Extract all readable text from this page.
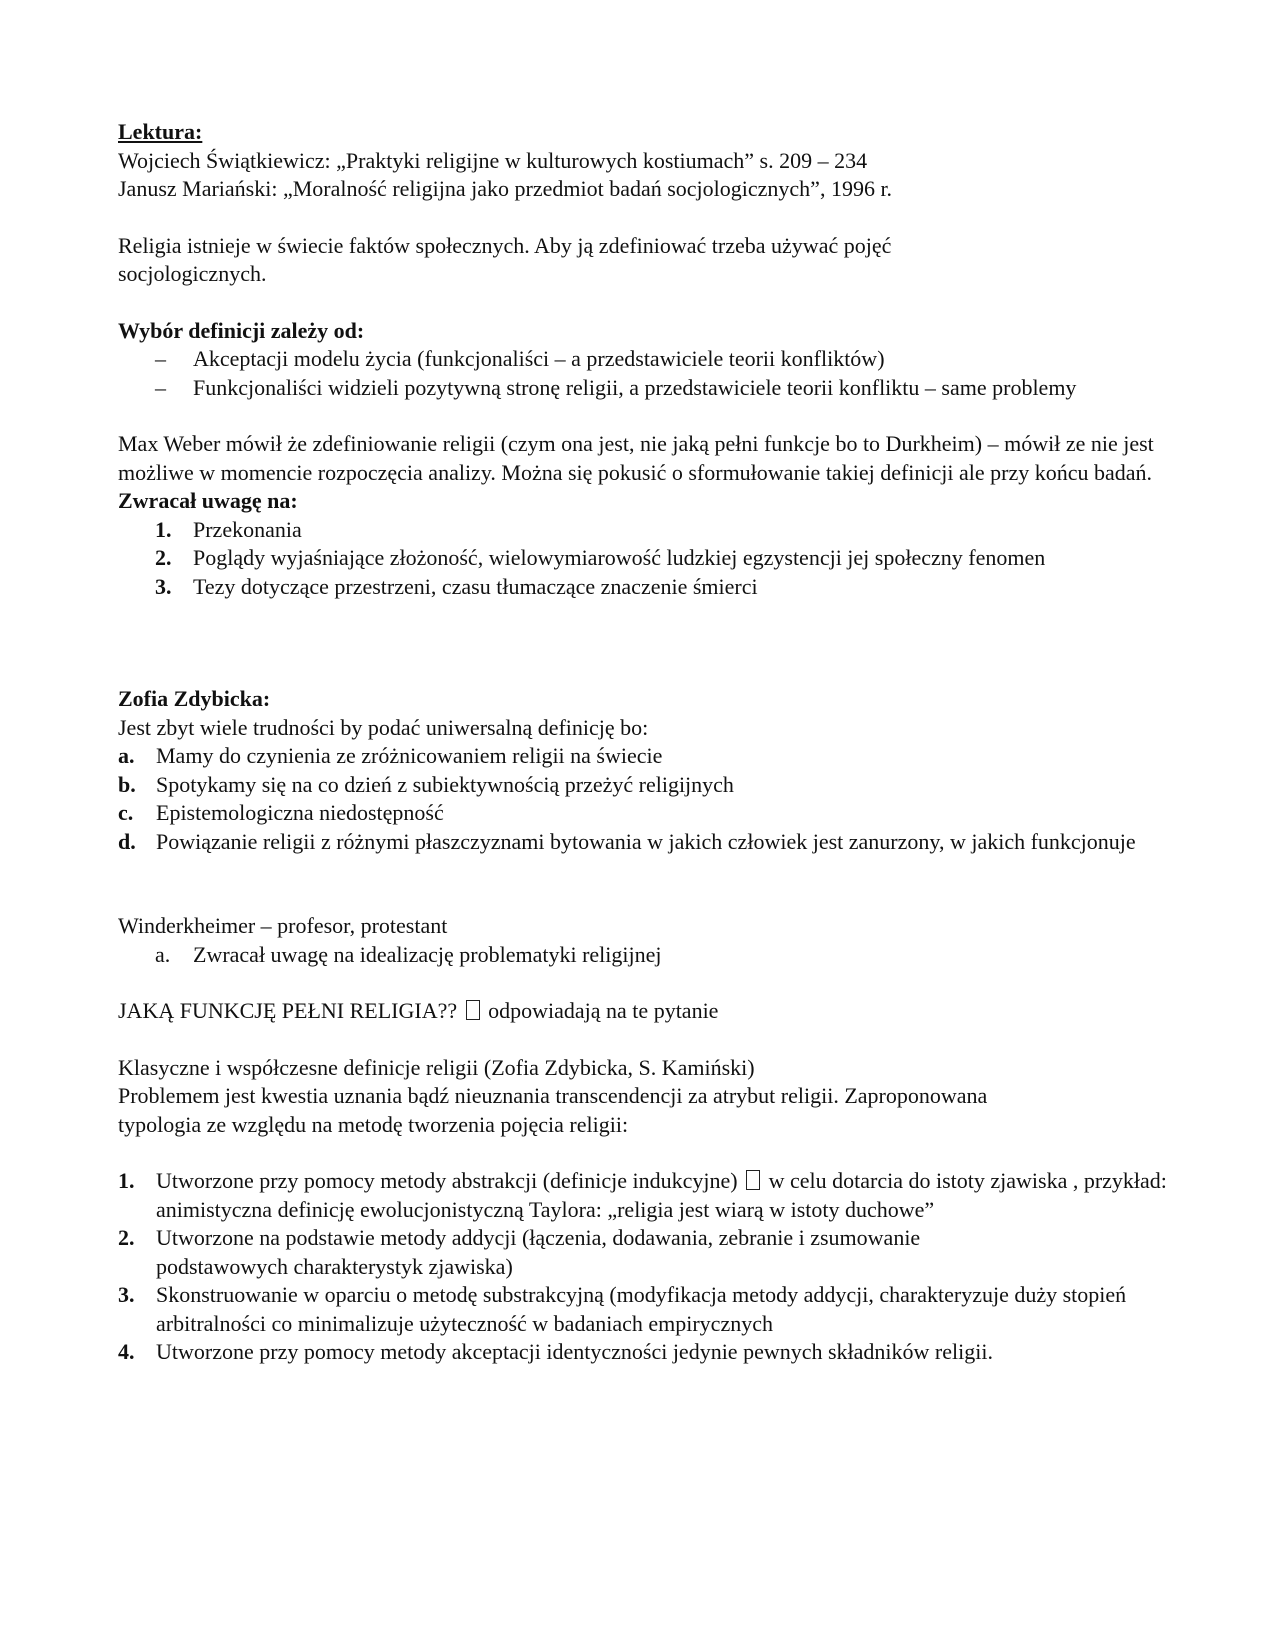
Lektura:

Wojciech Świątkiewicz: „Praktyki religijne w kulturowych kostiumach” s. 209 – 234

Janusz Mariański: „Moralność religijna jako przedmiot badań socjologicznych”, 1996 r.

Religia istnieje w świecie faktów społecznych. Aby ją zdefiniować trzeba używać pojęć socjologicznych.

Wybór definicji zależy od:

– Akceptacji modelu życia (funkcjonaliści – a przedstawiciele teorii konfliktów)

– Funkcjonaliści widzieli pozytywną stronę religii, a przedstawiciele teorii konfliktu – same problemy

Max Weber mówił że zdefiniowanie religii (czym ona jest, nie jaką pełni funkcje bo to Durkheim) – mówił ze nie jest możliwe w momencie rozpoczęcia analizy. Można się pokusić o sformułowanie takiej definicji ale przy końcu badań.

Zwracał uwagę na:

1. Przekonania

2. Poglądy wyjaśniające złożoność, wielowymiarowość ludzkiej egzystencji jej społeczny fenomen

3. Tezy dotyczące przestrzeni, czasu tłumaczące znaczenie śmierci

Zofia Zdybicka:

Jest zbyt wiele trudności by podać uniwersalną definicję bo:

a. Mamy do czynienia ze zróżnicowaniem religii na świecie

b. Spotykamy się na co dzień z subiektywnością przeżyć religijnych

c. Epistemologiczna niedostępność

d. Powiązanie religii z różnymi płaszczyznami bytowania w jakich człowiek jest zanurzony, w jakich funkcjonuje

Winderkheimer – profesor, protestant

a. Zwracał uwagę na idealizację problematyki religijnej

JAKĄ FUNKCJĘ PEŁNI RELIGIA?? odpowiadają na te pytanie

Klasyczne i współczesne definicje religii (Zofia Zdybicka, S. Kamiński)

Problemem jest kwestia uznania bądź nieuznania transcendencji za atrybut religii. Zaproponowana typologia ze względu na metodę tworzenia pojęcia religii:

1. Utworzone przy pomocy metody abstrakcji (definicje indukcyjne) w celu dotarcia do istoty zjawiska , przykład: animistyczna definicję ewolucjonistyczną Taylora: „religia jest wiarą w istoty duchowe”

2. Utworzone na podstawie metody addycji (łączenia, dodawania, zebranie i zsumowanie podstawowych charakterystyk zjawiska)

3. Skonstruowanie w oparciu o metodę substrakcyjną (modyfikacja metody addycji, charakteryzuje duży stopień arbitralności co minimalizuje użyteczność w badaniach empirycznych

4. Utworzone przy pomocy metody akceptacji identyczności jedynie pewnych składników religii.
